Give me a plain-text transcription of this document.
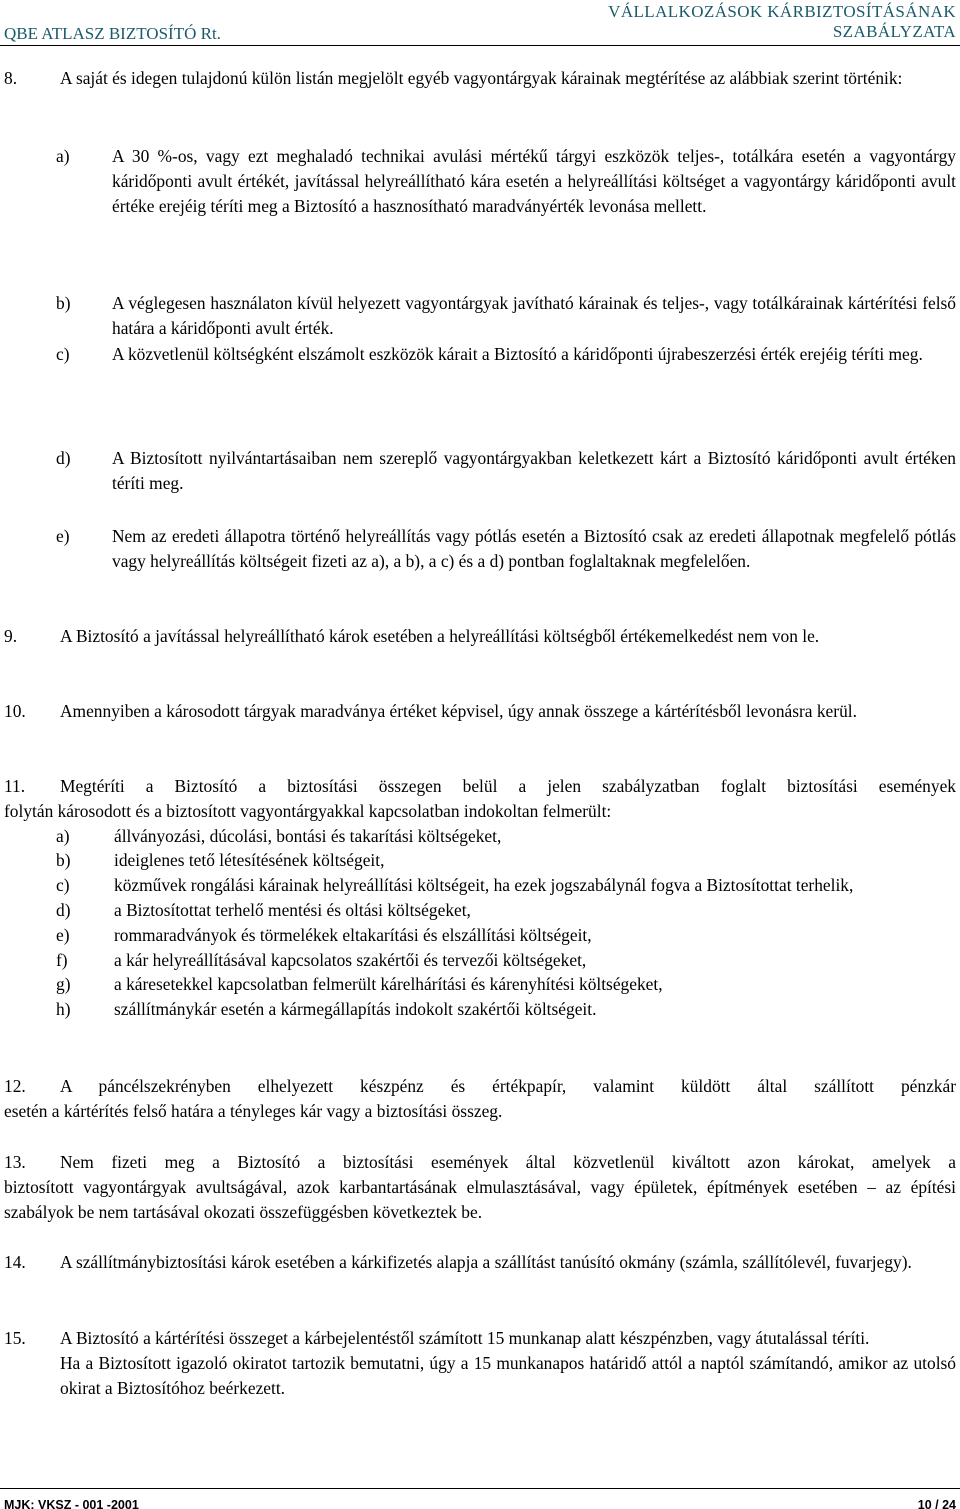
QBE ATLASZ BIZTOSÍTÓ Rt.
VÁLLALKOZÁSOK KÁRBIZTOSÍTÁSÁNAK
SZABÁLYZATA
8. A saját és idegen tulajdonú külön listán megjelölt egyéb vagyontárgyak kárainak megtérítése az alábbiak szerint történik:
a)	A 30 %-os, vagy ezt meghaladó technikai avulási mértékű tárgyi eszközök teljes-, totálkára esetén a vagyontárgy káridőponti avult értékét, javítással helyreállítható kára esetén a helyreállítási költséget a vagyontárgy káridőponti avult értéke erejéig téríti meg a Biztosító a hasznosítható maradványérték levonása mellett.
b)	A véglegesen használaton kívül helyezett vagyontárgyak javítható kárainak és teljes-, vagy totálkárainak kártérítési felső határa a káridőponti avult érték.
c)	A közvetlenül költségként elszámolt eszközök kárait a Biztosító a káridőponti újrabeszerzési érték erejéig téríti meg.
d)	A Biztosított nyilvántartásaiban nem szereplő vagyontárgyakban keletkezett kárt a Biztosító káridőponti avult értéken téríti meg.
e)	Nem az eredeti állapotra történő helyreállítás vagy pótlás esetén a Biztosító csak az eredeti állapotnak megfelelő pótlás vagy helyreállítás költségeit fizeti az a), a b), a c) és a d) pontban foglaltaknak megfelelően.
9. A Biztosító a javítással helyreállítható károk esetében a helyreállítási költségből értékemelkedést nem von le.
10. Amennyiben a károsodott tárgyak maradványa értéket képvisel, úgy annak összege a kártérítésből levonásra kerül.
11. Megtéríti a Biztosító a biztosítási összegen belül a jelen szabályzatban foglalt biztosítási események
folytán károsodott és a biztosított vagyontárgyakkal kapcsolatban indokoltan felmerült:
a)	állványozási, dúcolási, bontási és takarítási költségeket,
b)	ideiglenes tető létesítésének költségeit,
c)	közművek rongálási kárainak helyreállítási költségeit, ha ezek jogszabálynál fogva a Biztosítottat terhelik,
d)	a Biztosítottat terhelő mentési és oltási költségeket,
e)	rommaradványok és törmelékek eltakarítási és elszállítási költségeit,
f)	a kár helyreállításával kapcsolatos szakértői és tervezői költségeket,
g)	a káresetekkel kapcsolatban felmerült kárelhárítási és kárenyhítési költségeket,
h)	szállítmánykár esetén a kármegállapítás indokolt szakértői költségeit.
12. A páncélszekrényben elhelyezett készpénz és értékpapír, valamint küldött által szállított pénzkár
esetén a kártérítés felső határa a tényleges kár vagy a biztosítási összeg.
13. Nem fizeti meg a Biztosító a biztosítási események által közvetlenül kiváltott azon károkat, amelyek a
biztosított vagyontárgyak avultságával, azok karbantartásának elmulasztásával, vagy épületek, építmények esetében – az építési szabályok be nem tartásával okozati összefüggésben következtek be.
14. A szállítmánybiztosítási károk esetében a kárkifizetés alapja a szállítást tanúsító okmány (számla, szállítólevél, fuvarjegy).
15.	A Biztosító a kártérítési összeget a kárbejelentéstől számított 15 munkanap alatt készpénzben, vagy átutalással téríti.
Ha a Biztosított igazoló okiratot tartozik bemutatni, úgy a 15 munkanapos határidő attól a naptól számítandó, amikor az utolsó okirat a Biztosítóhoz beérkezett.
MJK: VKSZ - 001 -2001	10 / 24
